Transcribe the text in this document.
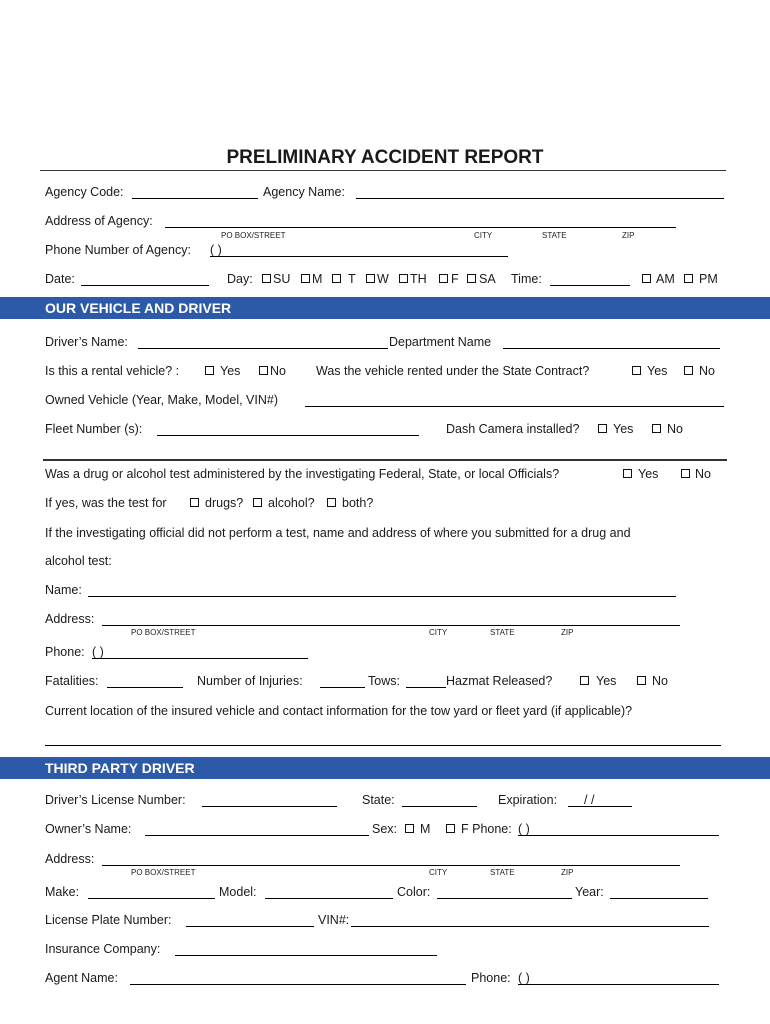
PRELIMINARY ACCIDENT REPORT
Agency Code:	Agency Name:
Address of Agency:
PO BOX/STREET	CITY	STATE	ZIP
Phone Number of Agency: ( )
Date:	Day: SU M T W TH F SA Time:	AM PM
OUR VEHICLE AND DRIVER
Driver’s Name:	Department Name
Is this a rental vehicle? :	Yes No Was the vehicle rented under the State Contract?	Yes	No
Owned Vehicle (Year, Make, Model, VIN#)
Fleet Number (s):	Dash Camera installed?	Yes	No
Was a drug or alcohol test administered by the investigating Federal, State, or local Officials?	Yes	No
If yes, was the test for	drugs? alcohol? both?
If the investigating official did not perform a test, name and address of where you submitted for a drug and
alcohol test:
Name:
Address:
PO BOX/STREET	CITY	STATE	ZIP
Phone: ( )
Fatalities:	Number of Injuries:	Tows:	Hazmat Released?	Yes	No
Current location of the insured vehicle and contact information for the tow yard or fleet yard (if applicable)?
THIRD PARTY DRIVER
Driver’s License Number:	State:	Expiration: / /
Owner’s Name:	Sex: M F Phone: ( )
Address:
PO BOX/STREET	CITY	STATE	ZIP
Make:	Model:	Color:	Year:
License Plate Number:	VIN#:
Insurance Company:
Agent Name:	Phone: ( )
